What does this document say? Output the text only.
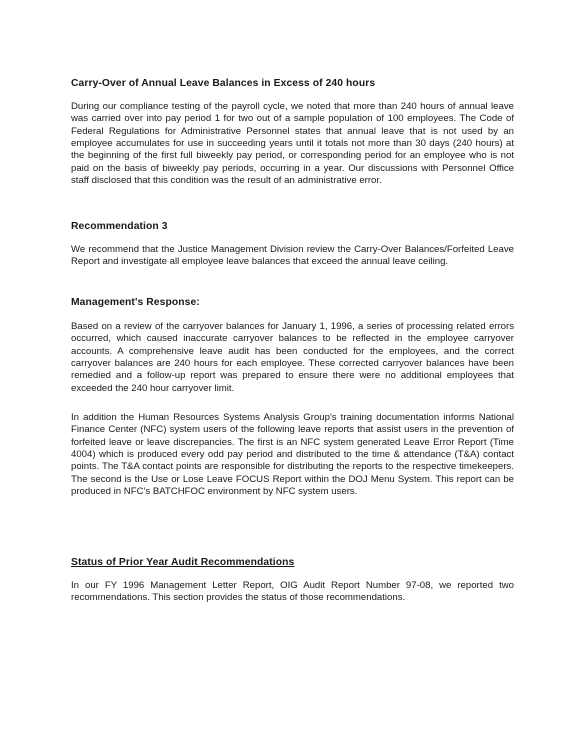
Carry-Over of Annual Leave Balances in Excess of 240 hours

During our compliance testing of the payroll cycle, we noted that more than 240 hours of annual leave was carried over into pay period 1 for two out of a sample population of 100 employees. The Code of Federal Regulations for Administrative Personnel states that annual leave that is not used by an employee accumulates for use in succeeding years until it totals not more than 30 days (240 hours) at the beginning of the first full biweekly pay period, or corresponding period for an employee who is not paid on the basis of biweekly pay periods, occurring in a year. Our discussions with Personnel Office staff disclosed that this condition was the result of an administrative error.

Recommendation 3

We recommend that the Justice Management Division review the Carry-Over Balances/Forfeited Leave Report and investigate all employee leave balances that exceed the annual leave ceiling.

Management's Response:

Based on a review of the carryover balances for January 1, 1996, a series of processing related errors occurred, which caused inaccurate carryover balances to be reflected in the employee carryover accounts. A comprehensive leave audit has been conducted for the employees, and the correct carryover balances are 240 hours for each employee. These corrected carryover balances have been remedied and a follow-up report was prepared to ensure there were no additional employees that exceeded the 240 hour carryover limit.

In addition the Human Resources Systems Analysis Group's training documentation informs National Finance Center (NFC) system users of the following leave reports that assist users in the prevention of forfeited leave or leave discrepancies. The first is an NFC system generated Leave Error Report (Time 4004) which is produced every odd pay period and distributed to the time & attendance (T&A) contact points. The T&A contact points are responsible for distributing the reports to the respective timekeepers. The second is the Use or Lose Leave FOCUS Report within the DOJ Menu System. This report can be produced in NFC's BATCHFOC environment by NFC system users.

Status of Prior Year Audit Recommendations

In our FY 1996 Management Letter Report, OIG Audit Report Number 97-08, we reported two recommendations. This section provides the status of those recommendations.
